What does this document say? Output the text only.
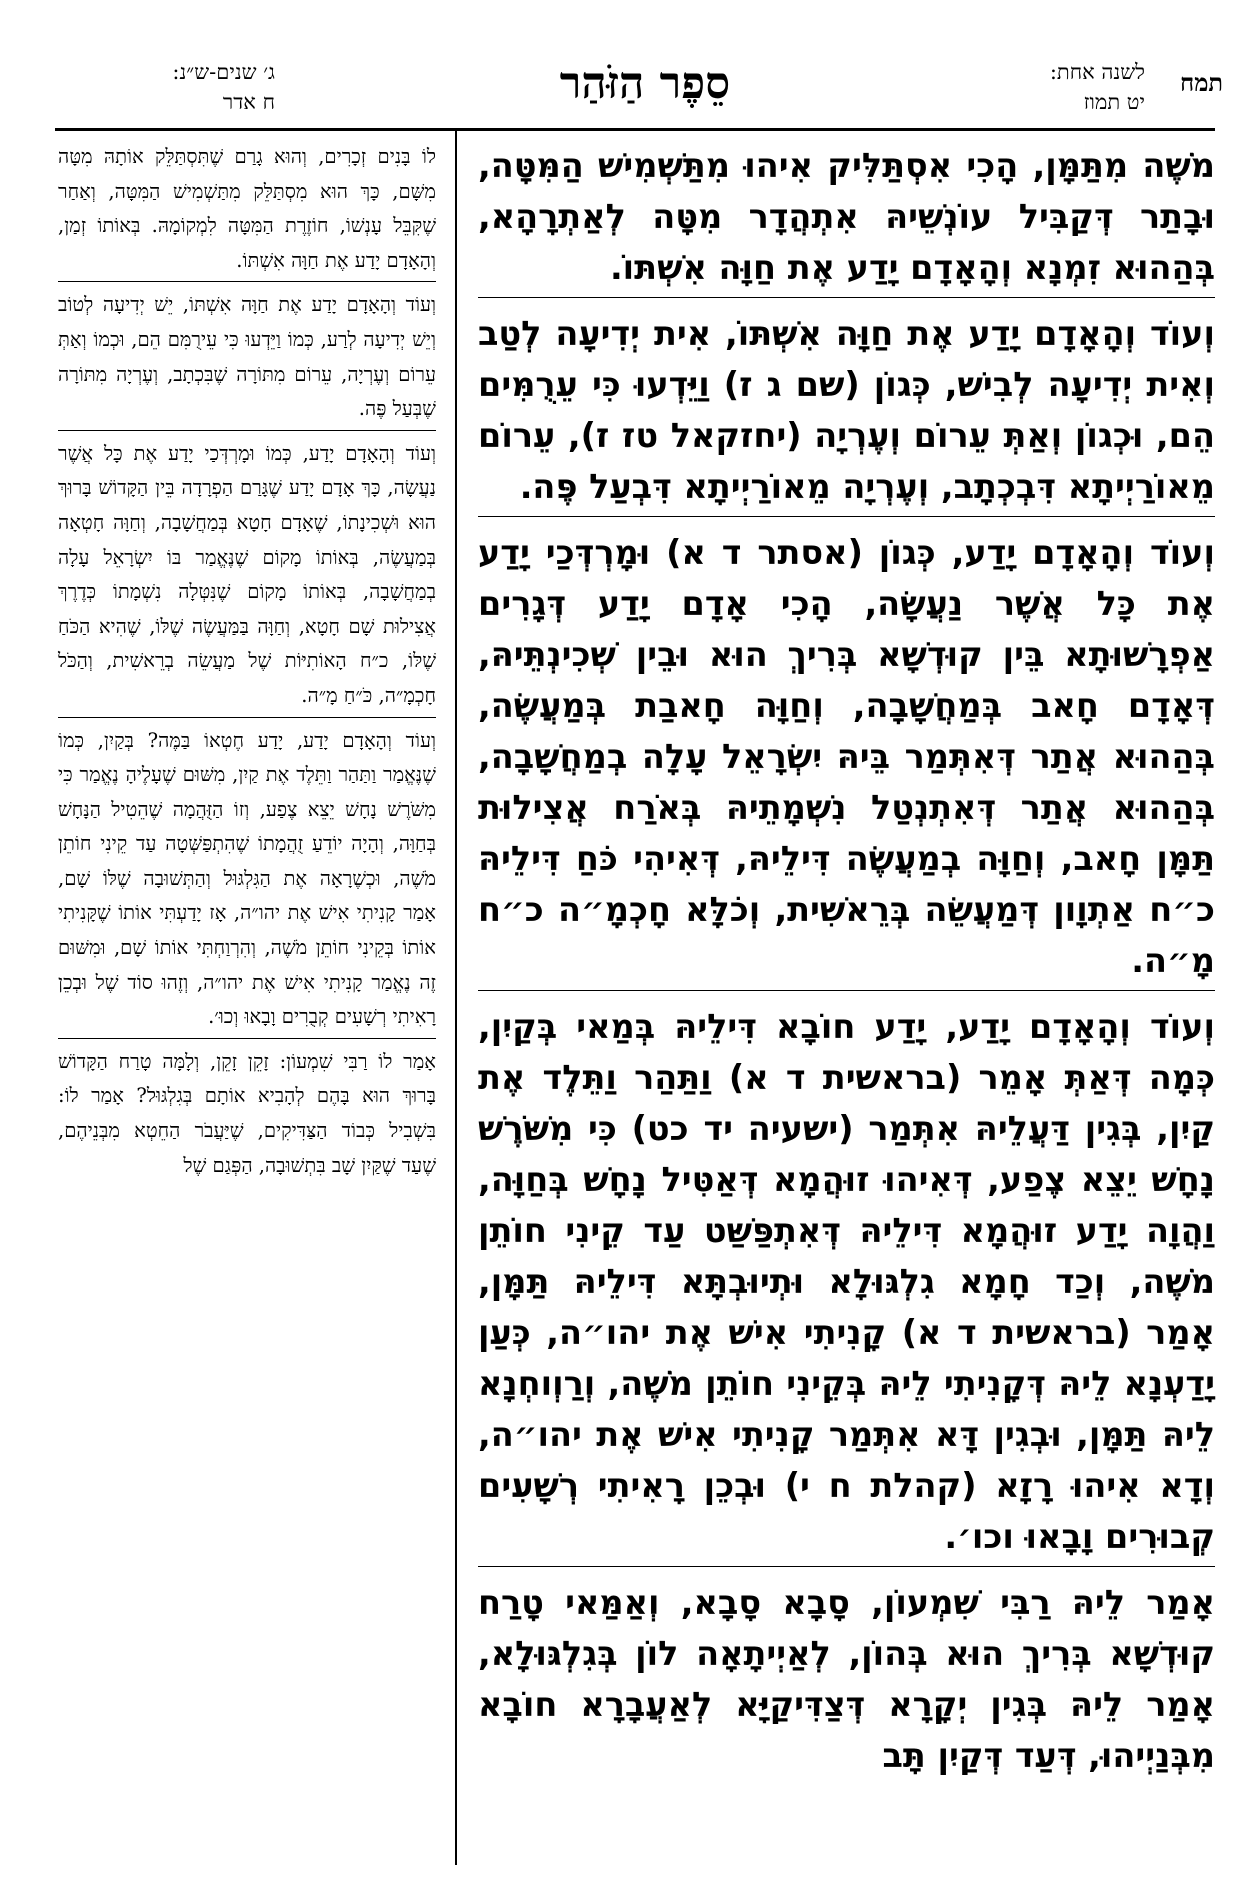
תמח
לשנה אחת:
יט תמוז
סֵפֶר הַזֹּהַר
ג׳ שנים-ש״נ:
ח אדר

מֹשֶׁה מִתַּמָּן, הָכִי אִסְתַּלִּיק אִיהוּ מִתַּשְׁמִישׁ הַמִּטָּה, וּבָתַר דְּקַבִּיל עוֹנְשֵׁיהּ אִתְהֲדָר מִטָּה לְאַתְרָהָא, בְּהַהוּא זִמְנָא וְהָאָדָם יָדַע אֶת חַוָּה אִשְׁתּוֹ.

וְעוֹד וְהָאָדָם יָדַע אֶת חַוָּה אִשְׁתּוֹ, אִית יְדִיעָה לְטַב וְאִית יְדִיעָה לְבִישׁ, כְּגוֹן (שם ג ז) וַיֵּדְעוּ כִּי עֵרֻמִּים הֵם, וּכְגוֹן וְאַתְּ עֵרוֹם וְעֶרְיָה (יחזקאל טז ז), עֵרוֹם מֵאוֹרַיְיתָא דִּבְכְתָב, וְעֶרְיָה מֵאוֹרַיְיתָא דִּבְעַל פֶּה.

וְעוֹד וְהָאָדָם יָדַע, כְּגוֹן (אסתר ד א) וּמָרְדְּכַי יָדַע אֶת כָּל אֲשֶׁר נַעֲשָׂה, הָכִי אָדָם יָדַע דְּגָרִים אַפְרָשׁוּתָא בֵּין קוּדְשָׁא בְּרִיךְ הוּא וּבֵין שְׁכִינְתֵּיהּ, דְּאָדָם חָאב בְּמַחֲשָׁבָה, וְחַוָּה חָאבַת בְּמַעֲשֶׂה, בְּהַהוּא אֲתַר דְּאִתְּמַר בֵּיהּ יִשְׂרָאֵל עָלָה בְמַחֲשָׁבָה, בְּהַהוּא אֲתַר דְּאִתְנְטַל נִשְׁמָתֵיהּ בְּאֹרַח אֲצִילוּת תַּמָּן חָאב, וְחַוָּה בְמַעֲשֶׂה דִּילֵיהּ, דְּאִיהִי כֹּחַ דִּילֵיהּ כ״ח אַתְוָון דְּמַעֲשֵׂה בְּרֵאשִׁית, וְכֹלָּא חָכְמָ״ה כ״ח מָ״ה.

וְעוֹד וְהָאָדָם יָדַע, יָדַע חוֹבָא דִּילֵיהּ בְּמַאי בְּקַיִן, כְּמָה דְּאַתְּ אָמֵר (בראשית ד א) וַתַּהַר וַתֵּלֶד אֶת קַיִן, בְּגִין דַּעֲלֵיהּ אִתְּמַר (ישעיה יד כט) כִּי מִשֹּׁרֶשׁ נָחָשׁ יֵצֵא צֶפַע, דְּאִיהוּ זוּהֲמָא דְּאַטִּיל נָחָשׁ בְּחַוָּה, וַהֲוָה יָדַע זוּהֲמָא דִּילֵיהּ דְּאִתְפַּשַּׁט עַד קֵינִי חוֹתֵן מֹשֶׁה, וְכַד חָמָא גִלְגּוּלָא וּתְיוּבְתָּא דִּילֵיהּ תַּמָּן, אָמַר (בראשית ד א) קָנִיתִי אִישׁ אֶת יהו״ה, כְּעַן יָדַעְנָא לֵיהּ דְּקָנִיתִי לֵיהּ בְּקֵינִי חוֹתֵן מֹשֶׁה, וְרַוְוחְנָא לֵיהּ תַּמָּן, וּבְגִין דָּא אִתְּמַר קָנִיתִי אִישׁ אֶת יהו״ה, וְדָא אִיהוּ רָזָא (קהלת ח י) וּבְכֵן רָאִיתִי רְשָׁעִים קְבוּרִים וָבָאוּ וכו׳.

אָמַר לֵיהּ רַבִּי שִׁמְעוֹן, סָבָא סָבָא, וְאַמַּאי טָרַח קוּדְשָׁא בְּרִיךְ הוּא בְּהוֹן, לְאַיְיתָאָה לוֹן בְּגִלְגּוּלָא, אָמַר לֵיהּ בְּגִין יְקָרָא דְּצַדִּיקַיָּא לְאַעֲבָרָא חוֹבָא מִבְּנַיְיהוּ, דְּעַד דְּקַיִן תָּב

לוֹ בָּנִים זְכָרִים, וְהוּא גָרַם שֶׁתִּסְתַּלֵּק אוֹתָהּ מִטָּה מִשָּׁם, כָּךְ הוּא מִסְתַּלֵּק מִתַּשְׁמִישׁ הַמִּטָּה, וְאַחַר שֶׁקִּבֵּל עָנְשׁוֹ, חוֹזֶרֶת הַמִּטָּה לִמְקוֹמָהּ. בְּאוֹתוֹ זְמַן, וְהָאָדָם יָדַע אֶת חַוָּה אִשְׁתּוֹ.

וְעוֹד וְהָאָדָם יָדַע אֶת חַוָּה אִשְׁתּוֹ, יֵשׁ יְדִיעָה לְטוֹב וְיֵשׁ יְדִיעָה לְרַע, כְּמוֹ וַיֵּדְעוּ כִּי עֵירֻמִּם הֵם, וּכְמוֹ וְאַתְּ עֵרוֹם וְעֶרְיָה, עֵרוֹם מִתּוֹרָה שֶׁבִּכְתָב, וְעֶרְיָה מִתּוֹרָה שֶׁבְּעַל פֶּה.

וְעוֹד וְהָאָדָם יָדַע, כְּמוֹ וּמָרְדְּכַי יָדַע אֶת כָּל אֲשֶׁר נַעֲשָׂה, כָּךְ אָדָם יָדַע שֶׁגָּרַם הַפְרָדָה בֵּין הַקָּדוֹשׁ בָּרוּךְ הוּא וּשְׁכִינָתוֹ, שֶׁאָדָם חָטָא בְּמַחֲשָׁבָה, וְחַוָּה חָטְאָה בְּמַעֲשֶׂה, בְּאוֹתוֹ מָקוֹם שֶׁנֶּאֱמַר בּוֹ יִשְׂרָאֵל עָלָה בְמַחֲשָׁבָה, בְּאוֹתוֹ מָקוֹם שֶׁנִּטְּלָה נִשְׁמָתוֹ כְּדֶרֶךְ אֲצִילוּת שָׁם חָטָא, וְחַוָּה בַּמַּעֲשֶׂה שֶׁלּוֹ, שֶׁהִיא הַכֹּחַ שֶׁלּוֹ, כ״ח הָאוֹתִיּוֹת שֶׁל מַעֲשֵׂה בְרֵאשִׁית, וְהַכֹּל חָכְמָ״ה, כֹּ״חַ מָ״ה.

וְעוֹד וְהָאָדָם יָדַע, יָדַע חֶטְאוֹ בַּמֶּה? בְּקַיִן, כְּמוֹ שֶׁנֶּאֱמַר וַתַּהַר וַתֵּלֶד אֶת קַיִן, מִשּׁוּם שֶׁעָלֶיהָ נֶאֱמַר כִּי מִשֹּׁרֶשׁ נָחָשׁ יֵצֵא צֶפַע, וְזוֹ הַזֻּהֲמָה שֶׁהֵטִיל הַנָּחָשׁ בְּחַוָּה, וְהָיָה יוֹדֵעַ זֻהֲמָתוֹ שֶׁהִתְפַּשְּׁטָה עַד קֵינִי חוֹתֵן מֹשֶׁה, וּכְשֶׁרָאָה אֶת הַגִּלְגּוּל וְהַתְּשׁוּבָה שֶׁלּוֹ שָׁם, אָמַר קָנִיתִי אִישׁ אֶת יהו״ה, אָז יָדַעְתִּי אוֹתוֹ שֶׁקָּנִיתִי אוֹתוֹ בְּקֵינִי חוֹתֵן מֹשֶׁה, וְהִרְוַחְתִּי אוֹתוֹ שָׁם, וּמִשּׁוּם זֶה נֶאֱמַר קָנִיתִי אִישׁ אֶת יהו״ה, וְזֶהוּ סוֹד שֶׁל וּבְכֵן רָאִיתִי רְשָׁעִים קְבֻרִים וָבָאוּ וְכוּ׳.

אָמַר לוֹ רַבִּי שִׁמְעוֹן: זָקֵן זָקֵן, וְלָמָּה טָרַח הַקָּדוֹשׁ בָּרוּךְ הוּא בָּהֶם לְהָבִיא אוֹתָם בְּגִלְגּוּל? אָמַר לוֹ: בִּשְׁבִיל כְּבוֹד הַצַּדִּיקִים, שֶׁיַּעֲבֹר הַחֵטְא מִבְּנֵיהֶם, שֶׁעַד שֶׁקַּיִן שָׁב בִּתְשׁוּבָה, הַפְּגַם שֶׁל
